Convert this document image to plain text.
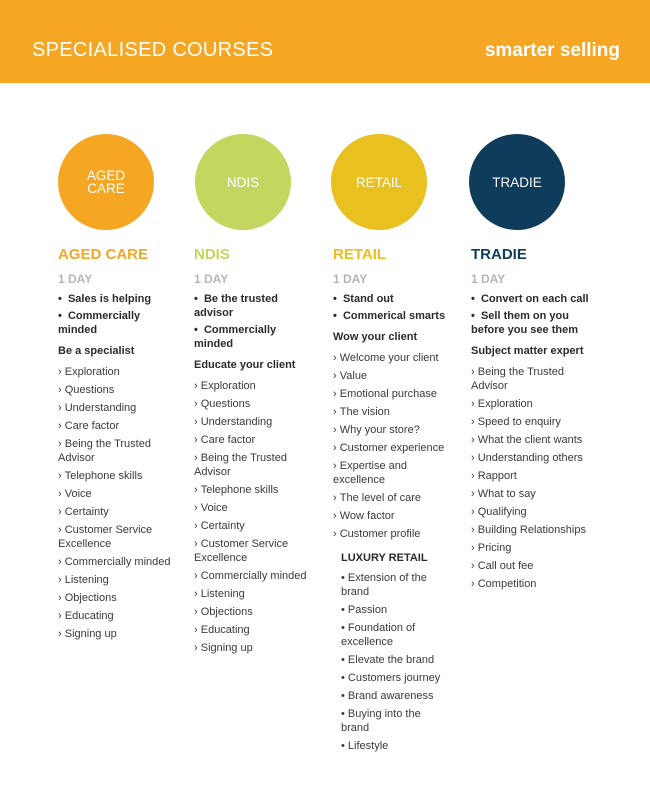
SPECIALISED COURSES	smarter selling
AGED
CARE	NDIS	RETAIL	TRADIE
AGED CARE
1 DAY
•  Sales is helping
•  Commercially minded
Be a specialist
› Exploration
› Questions
› Understanding
› Care factor
› Being the Trusted Advisor
› Telephone skills
› Voice
› Certainty
› Customer Service Excellence
› Commercially minded
› Listening
› Objections
› Educating
› Signing up
NDIS
1 DAY
•  Be the trusted advisor
•  Commercially minded
Educate your client
› Exploration
› Questions
› Understanding
› Care factor
› Being the Trusted Advisor
› Telephone skills
› Voice
› Certainty
› Customer Service Excellence
› Commercially minded
› Listening
› Objections
› Educating
› Signing up
RETAIL
1 DAY
•  Stand out
•  Commerical smarts
Wow your client
› Welcome your client
› Value
› Emotional purchase
› The vision
› Why your store?
› Customer experience
› Expertise and excellence
› The level of care
› Wow factor
› Customer profile
LUXURY RETAIL
• Extension of the brand
• Passion
• Foundation of excellence
• Elevate the brand
• Customers journey
• Brand awareness
• Buying into the brand
• Lifestyle
TRADIE
1 DAY
•  Convert on each call
•  Sell them on you before you see them
Subject matter expert
› Being the Trusted Advisor
› Exploration
› Speed to enquiry
› What the client wants
› Understanding others
› Rapport
› What to say
› Qualifying
› Building Relationships
› Pricing
› Call out fee
› Competition
